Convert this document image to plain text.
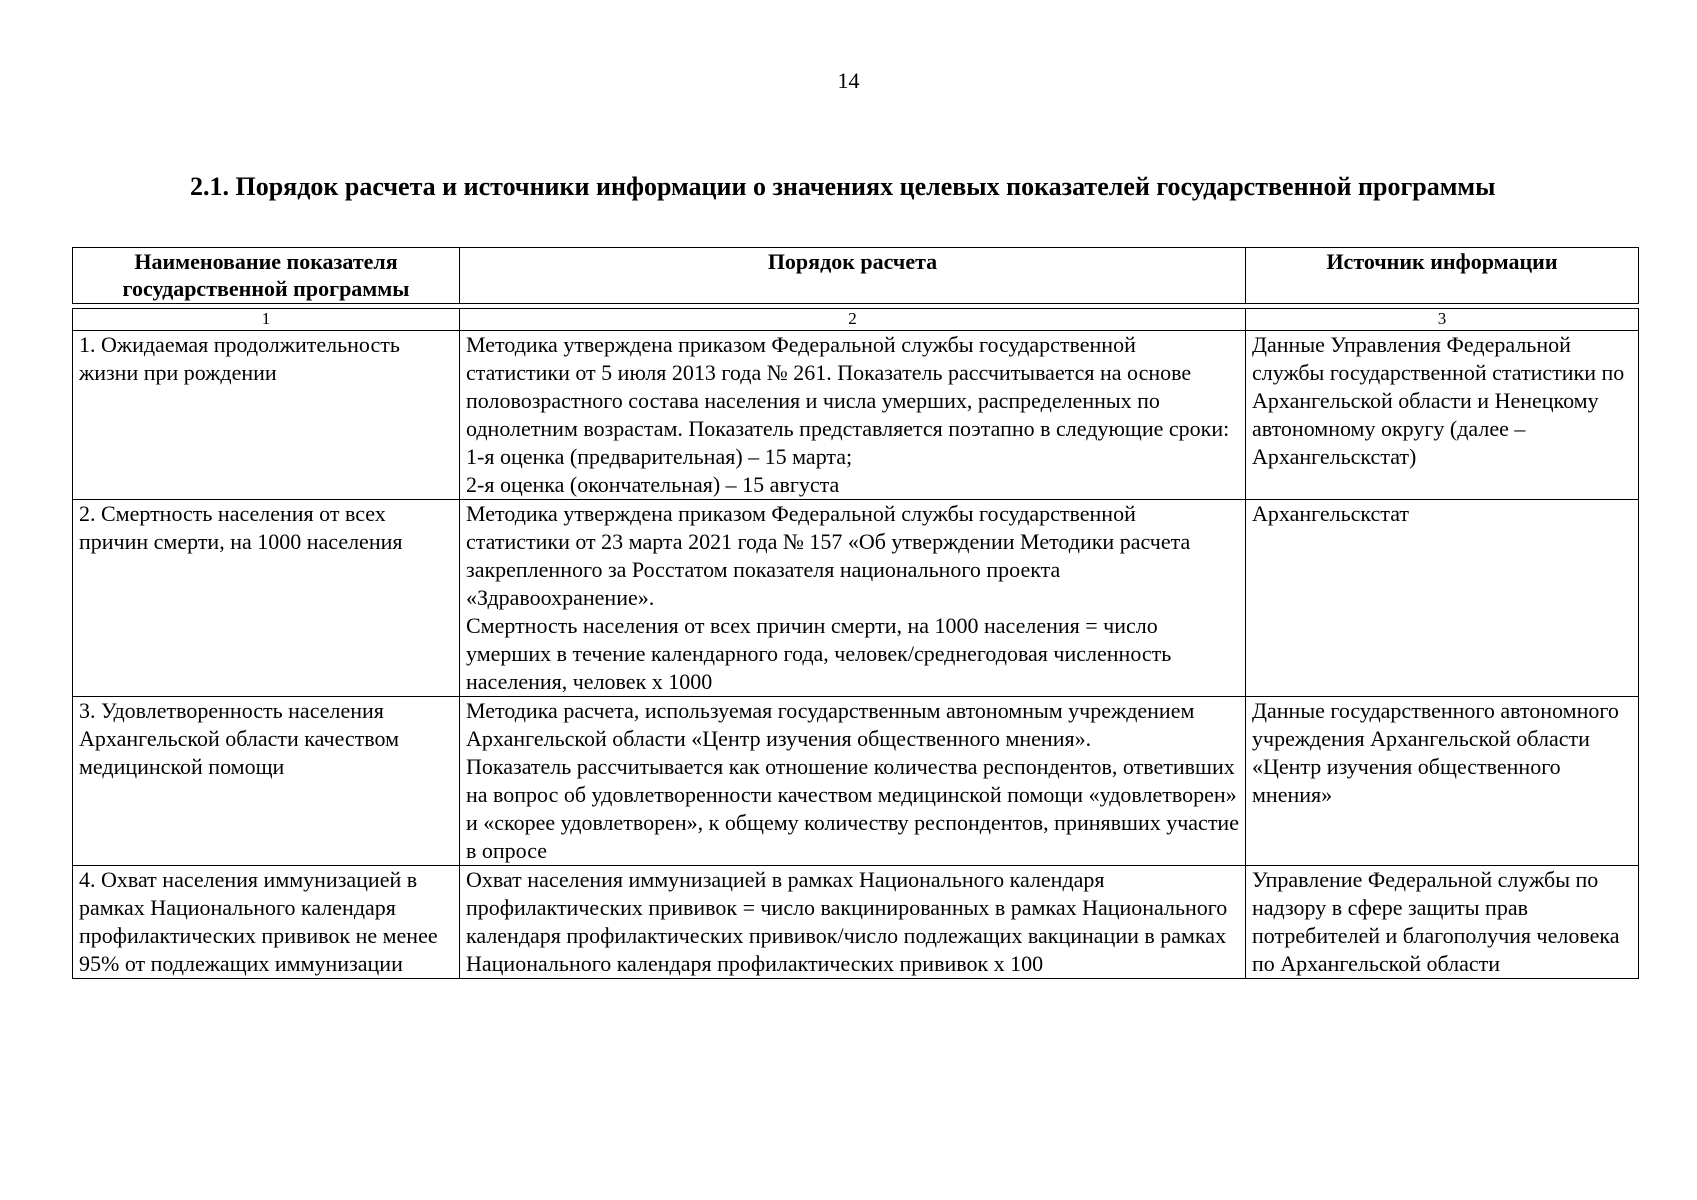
14
2.1. Порядок расчета и источники информации о значениях целевых показателей государственной программы
Наименование показателя государственной программы	Порядок расчета	Источник информации

1	2	3
1. Ожидаемая продолжительность жизни при рождении	Методика утверждена приказом Федеральной службы государственной статистики от 5 июля 2013 года № 261. Показатель рассчитывается на основе половозрастного состава населения и числа умерших, распределенных по однолетним возрастам. Показатель представляется поэтапно в следующие сроки:
1-я оценка (предварительная) – 15 марта;
2-я оценка (окончательная) – 15 августа	Данные Управления Федеральной службы государственной статистики по Архангельской области и Ненецкому автономному округу (далее – Архангельскстат)
2. Смертность населения от всех причин смерти, на 1000 населения	Методика утверждена приказом Федеральной службы государственной статистики от 23 марта 2021 года № 157 «Об утверждении Методики расчета закрепленного за Росстатом показателя национального проекта «Здравоохранение».
Смертность населения от всех причин смерти, на 1000 населения = число умерших в течение календарного года, человек/среднегодовая численность населения, человек х 1000	Архангельскстат
3. Удовлетворенность населения Архангельской области качеством медицинской помощи	Методика расчета, используемая государственным автономным учреждением Архангельской области «Центр изучения общественного мнения».
Показатель рассчитывается как отношение количества респондентов, ответивших на вопрос об удовлетворенности качеством медицинской помощи «удовлетворен» и «скорее удовлетворен», к общему количеству респондентов, принявших участие в опросе	Данные государственного автономного учреждения Архангельской области «Центр изучения общественного мнения»
4. Охват населения иммунизацией в рамках Национального календаря профилактических прививок не менее 95% от подлежащих иммунизации	Охват населения иммунизацией в рамках Национального календаря профилактических прививок = число вакцинированных в рамках Национального календаря профилактических прививок/число подлежащих вакцинации в рамках Национального календаря профилактических прививок х 100	Управление Федеральной службы по надзору в сфере защиты прав потребителей и благополучия человека по Архангельской области
